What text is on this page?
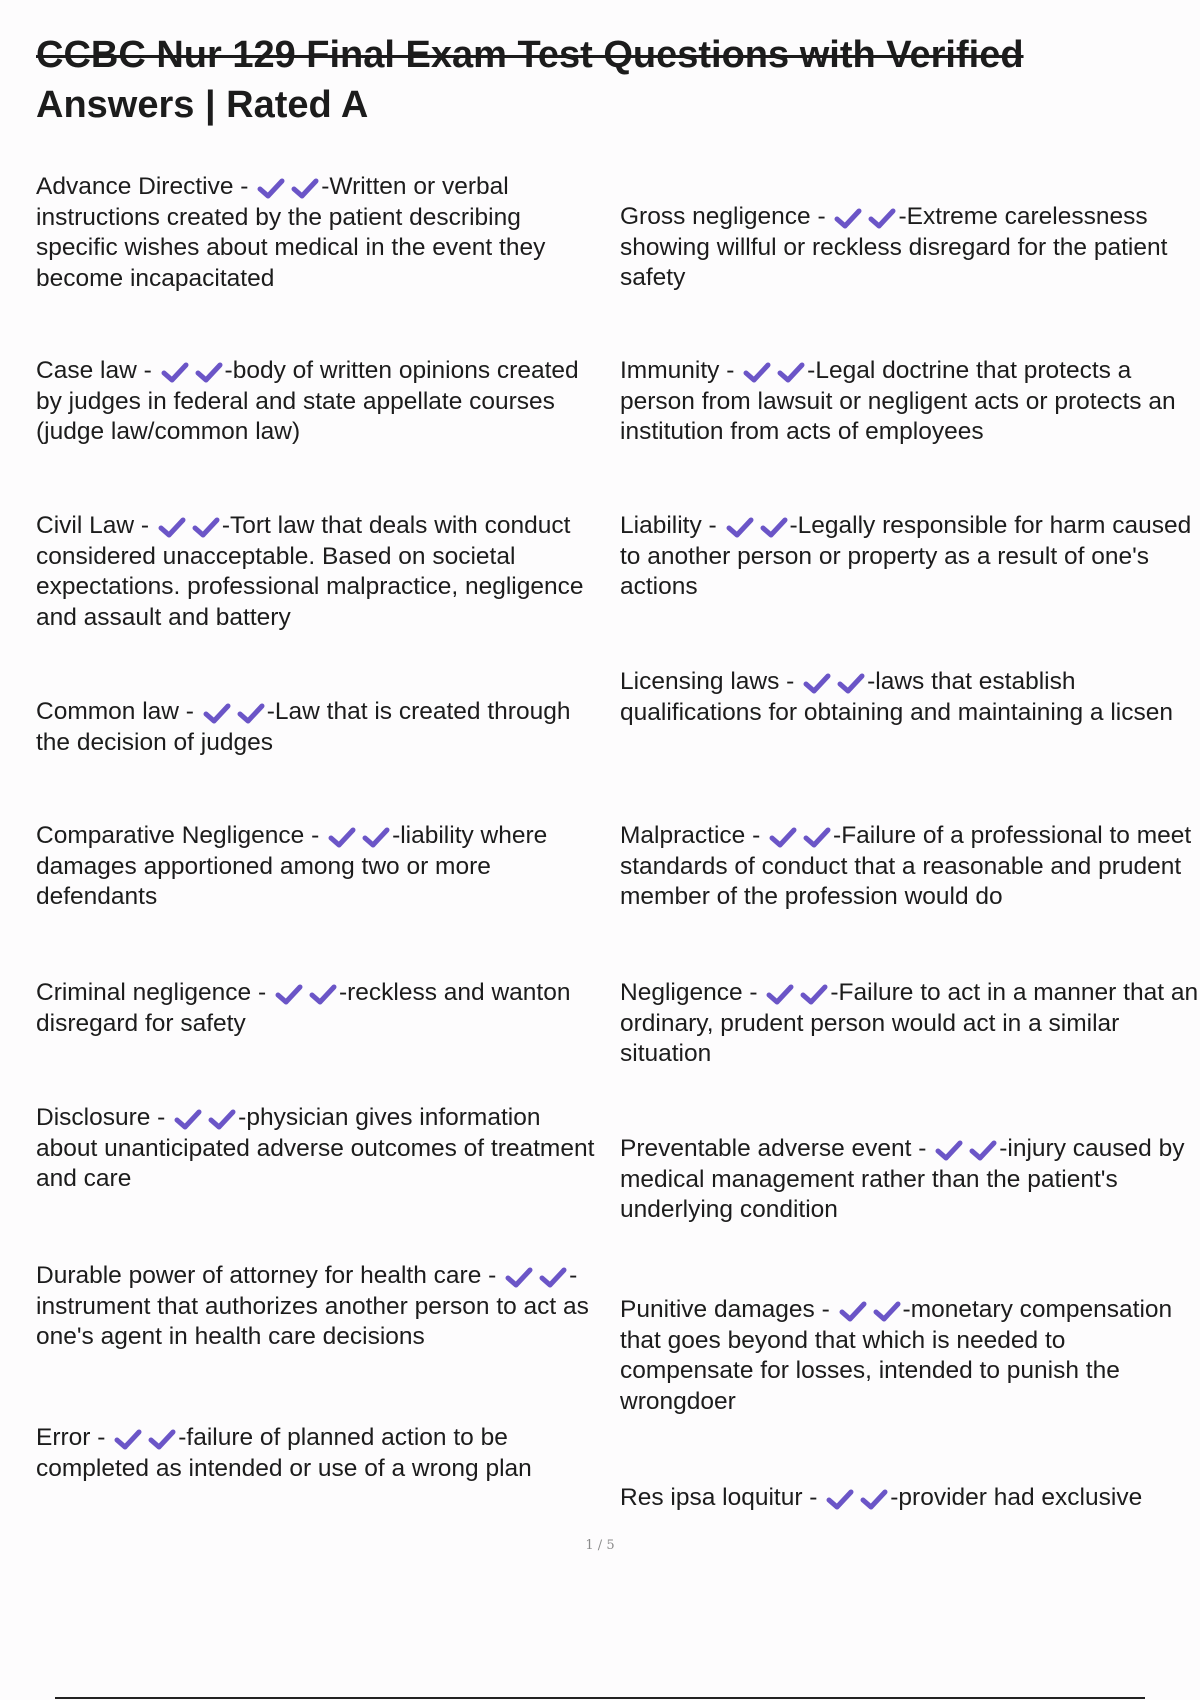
CCBC Nur 129 Final Exam Test Questions with Verified
Answers | Rated A

Advance Directive -	-Written or verbal instructions created by the patient describing specific wishes about medical in the event they become incapacitated

Case law -	-body of written opinions created by judges in federal and state appellate courses (judge law/common law)

Civil Law -	-Tort law that deals with conduct considered unacceptable. Based on societal expectations. professional malpractice, negligence and assault and battery

Common law -	-Law that is created through the decision of judges

Comparative Negligence -	-liability where damages apportioned among two or more defendants

Criminal negligence -	-reckless and wanton disregard for safety

Disclosure -	-physician gives information about unanticipated adverse outcomes of treatment and care

Durable power of attorney for health care -	-instrument that authorizes another person to act as one's agent in health care decisions

Error -	-failure of planned action to be completed as intended or use of a wrong plan

Gross negligence -	-Extreme carelessness showing willful or reckless disregard for the patient safety

Immunity -	-Legal doctrine that protects a person from lawsuit or negligent acts or protects an institution from acts of employees

Liability -	-Legally responsible for harm caused to another person or property as a result of one's actions

Licensing laws -	-laws that establish qualifications for obtaining and maintaining a licsen

Malpractice -	-Failure of a professional to meet standards of conduct that a reasonable and prudent member of the profession would do

Negligence -	-Failure to act in a manner that an ordinary, prudent person would act in a similar situation

Preventable adverse event -	-injury caused by medical management rather than the patient's underlying condition

Punitive damages -	-monetary compensation that goes beyond that which is needed to compensate for losses, intended to punish the wrongdoer

Res ipsa loquitur -	-provider had exclusive

1 / 5
